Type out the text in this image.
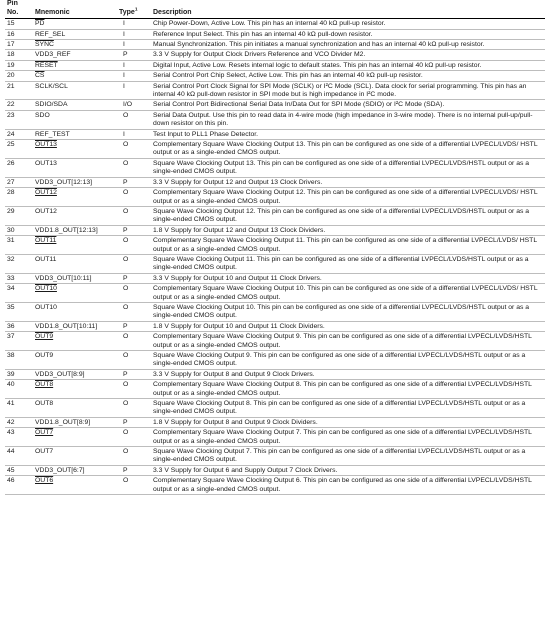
Pin
No.	Mnemonic	Type$^1$	Description
15	$\overline{PD}$	I	Chip Power-Down, Active Low. This pin has an internal 40 kΩ pull-up resistor.
16	REF_SEL	I	Reference Input Select. This pin has an internal 40 kΩ pull-down resistor.
17	SYNC	I	Manual Synchronization. This pin initiates a manual synchronization and has an internal 40 kΩ pull-up resistor.
18	VDD3_REF	P	3.3 V Supply for Output Clock Drivers Reference and VCO Divider M2.
19	RESET	I	Digital Input, Active Low. Resets internal logic to default states. This pin has an internal 40 kΩ pull-up resistor.
20	$\overline{CS}$	I	Serial Control Port Chip Select, Active Low. This pin has an internal 40 kΩ pull-up resistor.
21	SCLK/SCL	I	Serial Control Port Clock Signal for SPI Mode (SCLK) or I²C Mode (SCL). Data clock for serial programming. This pin has an internal 40 kΩ pull-down resistor in SPI mode but is high impedance in I²C mode.
22	SDIO/SDA	I/O	Serial Control Port Bidirectional Serial Data In/Data Out for SPI Mode (SDIO) or I²C Mode (SDA).
23	SDO	O	Serial Data Output. Use this pin to read data in 4-wire mode (high impedance in 3-wire mode). There is no internal pull-up/pull-down resistor on this pin.
24	REF_TEST	I	Test Input to PLL1 Phase Detector.
25	OUT13	O	Complementary Square Wave Clocking Output 13. This pin can be configured as one side of a differential LVPECL/LVDS/ HSTL output or as a single-ended CMOS output.
26	OUT13	O	Square Wave Clocking Output 13. This pin can be configured as one side of a differential LVPECL/LVDS/HSTL output or as a single-ended CMOS output.
27	VDD3_OUT[12:13]	P	3.3 V Supply for Output 12 and Output 13 Clock Drivers.
28	OUT12	O	Complementary Square Wave Clocking Output 12. This pin can be configured as one side of a differential LVPECL/LVDS/ HSTL output or as a single-ended CMOS output.
29	OUT12	O	Square Wave Clocking Output 12. This pin can be configured as one side of a differential LVPECL/LVDS/HSTL output or as a single-ended CMOS output.
30	VDD1.8_OUT[12:13]	P	1.8 V Supply for Output 12 and Output 13 Clock Dividers.
31	OUT11	O	Complementary Square Wave Clocking Output 11. This pin can be configured as one side of a differential LVPECL/LVDS/ HSTL output or as a single-ended CMOS output.
32	OUT11	O	Square Wave Clocking Output 11. This pin can be configured as one side of a differential LVPECL/LVDS/HSTL output or as a single-ended CMOS output.
33	VDD3_OUT[10:11]	P	3.3 V Supply for Output 10 and Output 11 Clock Drivers.
34	OUT10	O	Complementary Square Wave Clocking Output 10. This pin can be configured as one side of a differential LVPECL/LVDS/ HSTL output or as a single-ended CMOS output.
35	OUT10	O	Square Wave Clocking Output 10. This pin can be configured as one side of a differential LVPECL/LVDS/HSTL output or as a single-ended CMOS output.
36	VDD1.8_OUT[10:11]	P	1.8 V Supply for Output 10 and Output 11 Clock Dividers.
37	OUT9	O	Complementary Square Wave Clocking Output 9. This pin can be configured as one side of a differential LVPECL/LVDS/HSTL output or as a single-ended CMOS output.
38	OUT9	O	Square Wave Clocking Output 9. This pin can be configured as one side of a differential LVPECL/LVDS/HSTL output or as a single-ended CMOS output.
39	VDD3_OUT[8:9]	P	3.3 V Supply for Output 8 and Output 9 Clock Drivers.
40	OUT8	O	Complementary Square Wave Clocking Output 8. This pin can be configured as one side of a differential LVPECL/LVDS/HSTL output or as a single-ended CMOS output.
41	OUT8	O	Square Wave Clocking Output 8. This pin can be configured as one side of a differential LVPECL/LVDS/HSTL output or as a single-ended CMOS output.
42	VDD1.8_OUT[8:9]	P	1.8 V Supply for Output 8 and Output 9 Clock Dividers.
43	OUT7	O	Complementary Square Wave Clocking Output 7. This pin can be configured as one side of a differential LVPECL/LVDS/HSTL output or as a single-ended CMOS output.
44	OUT7	O	Square Wave Clocking Output 7. This pin can be configured as one side of a differential LVPECL/LVDS/HSTL output or as a single-ended CMOS output.
45	VDD3_OUT[6:7]	P	3.3 V Supply for Output 6 and Supply Output 7 Clock Drivers.
46	OUT6	O	Complementary Square Wave Clocking Output 6. This pin can be configured as one side of a differential LVPECL/LVDS/HSTL output or as a single-ended CMOS output.
